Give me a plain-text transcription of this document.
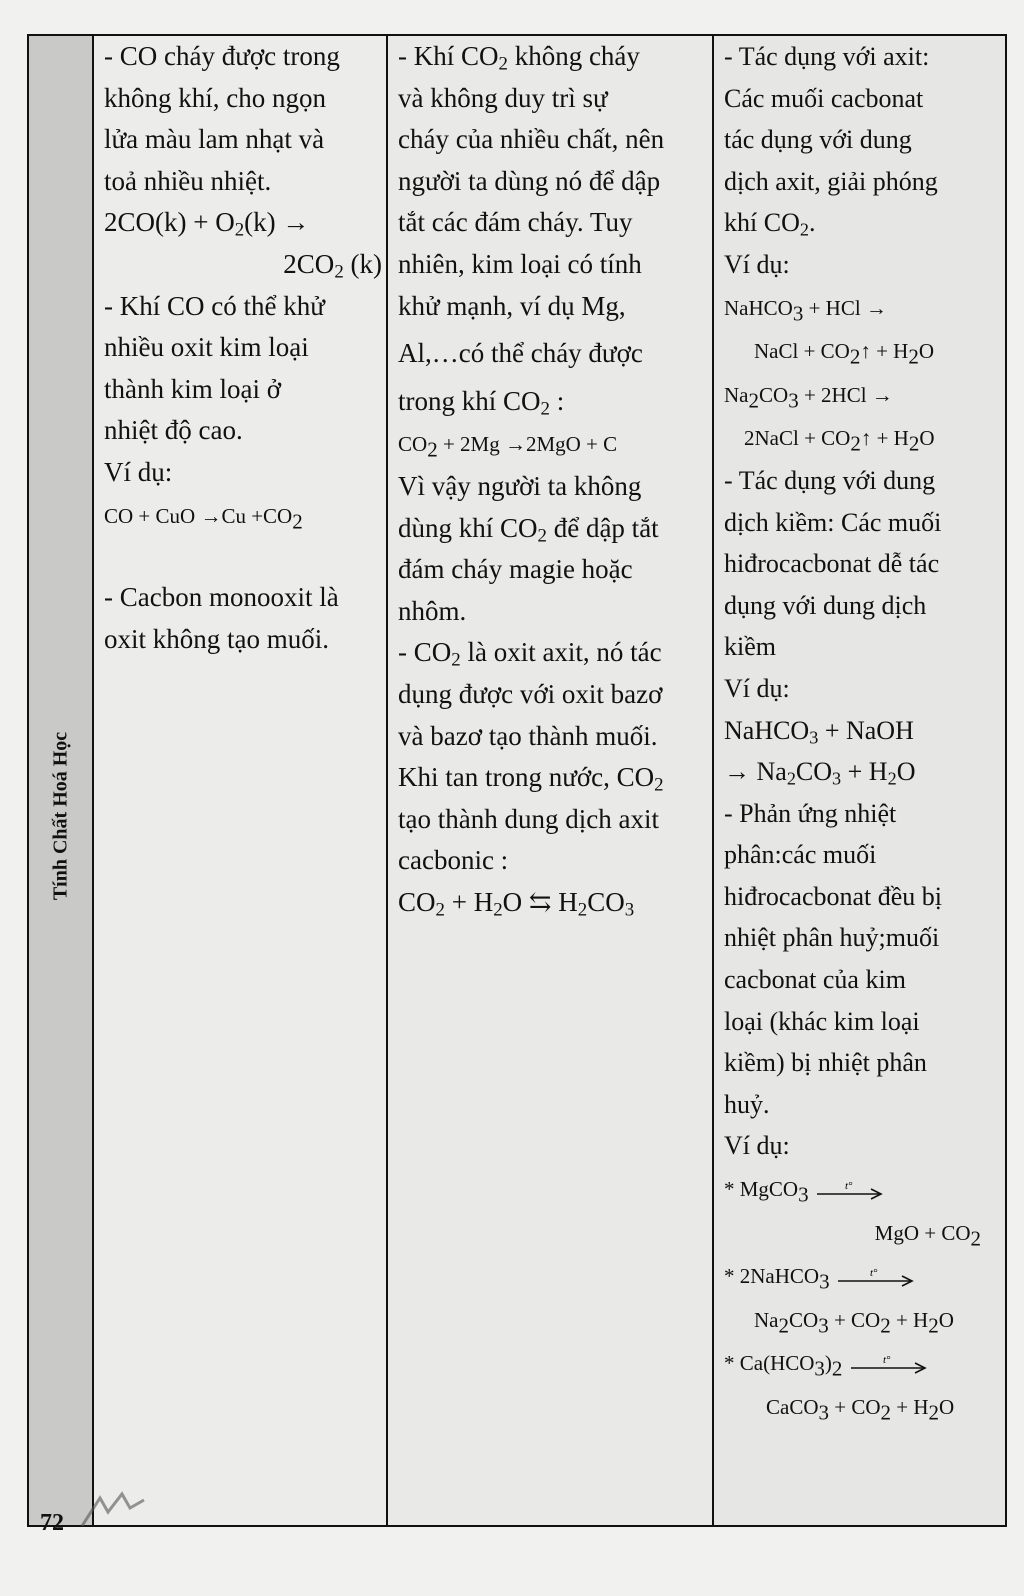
Tính Chất Hoá Học
- CO cháy được trong
không khí, cho ngọn
lửa màu lam nhạt và
toả nhiều nhiệt.
$2CO(k) + O_2(k)$ →
$2CO_2$ (k)
- Khí CO có thể khử
nhiều oxit kim loại
thành kim loại ở
nhiệt độ cao.
Ví dụ:
CO + CuO $\to Cu +CO_2$
- Cacbon monooxit là
oxit không tạo muối.
- Khí $CO_2$ không cháy
và không duy trì sự
cháy của nhiều chất, nên
người ta dùng nó để dập
tắt các đám cháy. Tuy
nhiên, kim loại có tính
khử mạnh, ví dụ Mg,
Al,…có thể cháy được
trong khí $CO_2$ :
$CO_2 + 2Mg \to 2MgO + C$
Vì vậy người ta không
dùng khí $CO_2$ để dập tắt
đám cháy magie hoặc
nhôm.
- $CO_2$ là oxit axit, nó tác
dụng được với oxit bazơ
và bazơ tạo thành muối.
Khi tan trong nước, $CO_2$
tạo thành dung dịch axit
cacbonic :
$CO_2 + H_2O$ ⇆ $H_2CO_3$
- Tác dụng với axit:
Các muối cacbonat
tác dụng với dung
dịch axit, giải phóng
khí $CO_2$.
Ví dụ:
NaHCO$_3$ + HCl →
NaCl + $CO_2↑ + H_2O$
$Na_2CO_3 + 2HCl$ →
2NaCl + $CO_2↑ + H_2O$
- Tác dụng với dung
dịch kiềm: Các muối
hiđrocacbonat dễ tác
dụng với dung dịch
kiềm
Ví dụ:
NaHCO$_3$ + NaOH
→ $Na_2CO_3 + H_2O$
- Phản ứng nhiệt
phân:các muối
hiđrocacbonat đều bị
nhiệt phân huỷ;muối
cacbonat của kim
loại (khác kim loại
kiềm) bị nhiệt phân
huỷ.
Ví dụ:
* MgCO$_3$	t°
MgO + $CO_2$
* 2NaHCO$_3$	t°
$Na_2CO_3 + CO_2 + H_2O$
* $Ca(HCO_3)_2$	t°
CaCO$_3$ + $CO_2 + H_2O$
72
